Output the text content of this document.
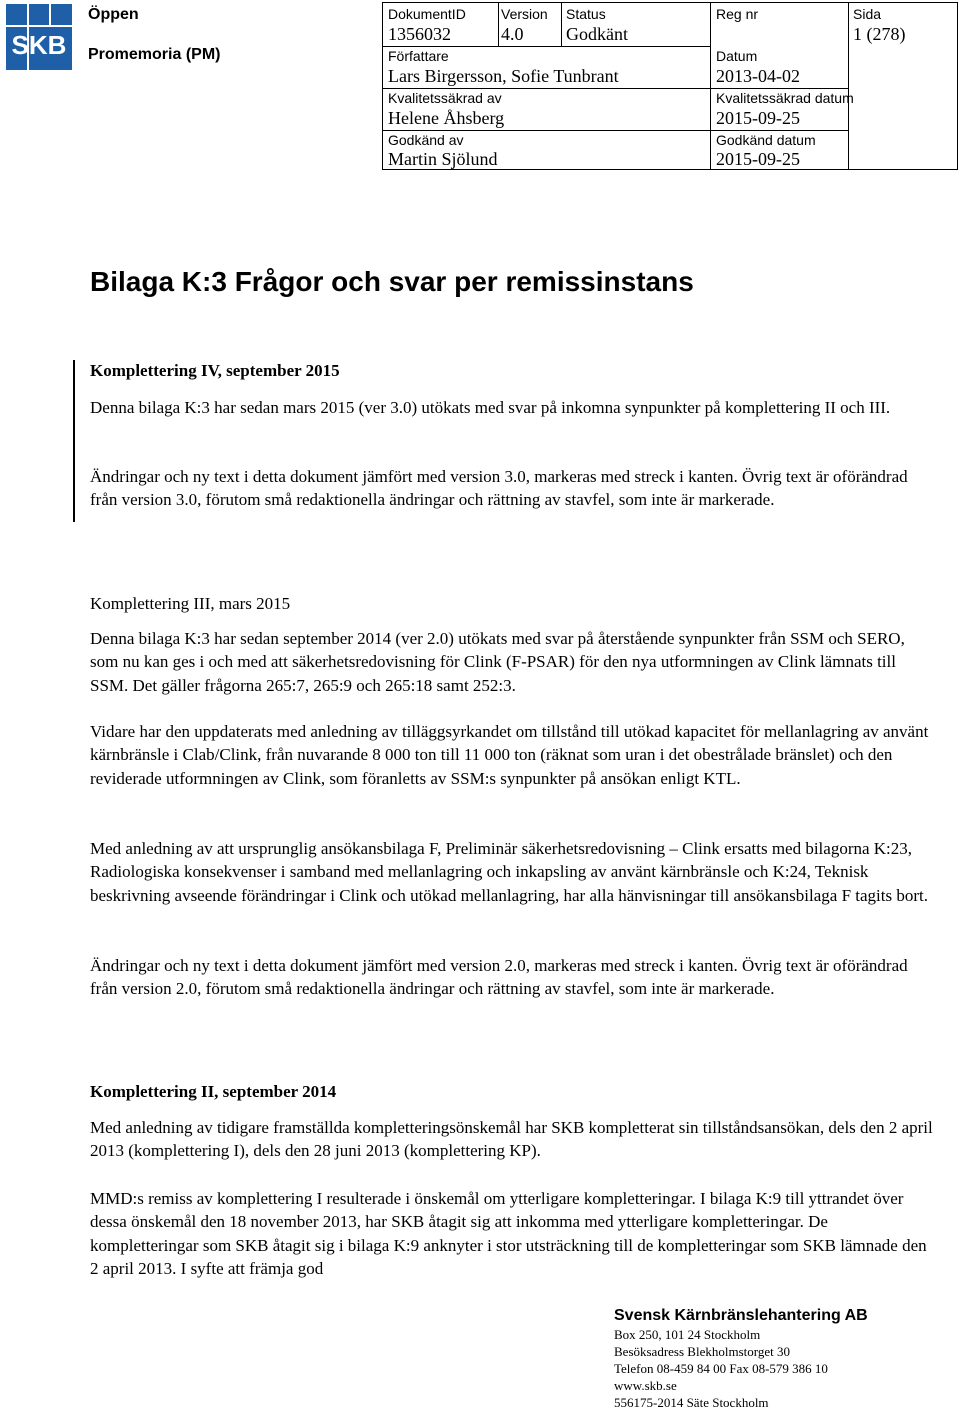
SKB
Öppen
Promemoria (PM)
DokumentID
1356032
Version
4.0
Status
Godkänt
Reg nr	Sida
1 (278)
Författare
Lars Birgersson, Sofie Tunbrant
Datum
2013-04-02
Kvalitetssäkrad av
Helene Åhsberg
Kvalitetssäkrad datum
2015-09-25
Godkänd av
Martin Sjölund
Godkänd datum
2015-09-25
Bilaga K:3 Frågor och svar per remissinstans
Komplettering IV, september 2015
Denna bilaga K:3 har sedan mars 2015 (ver 3.0) utökats med svar på inkomna synpunkter på komplettering II och III.
Ändringar och ny text i detta dokument jämfört med version 3.0, markeras med streck i kanten. Övrig text är oförändrad från version 3.0, förutom små redaktionella ändringar och rättning av stavfel, som inte är markerade.
Komplettering III, mars 2015
Denna bilaga K:3 har sedan september 2014 (ver 2.0) utökats med svar på återstående synpunkter från SSM och SERO, som nu kan ges i och med att säkerhetsredovisning för Clink (F-PSAR) för den nya utformningen av Clink lämnats till SSM. Det gäller frågorna 265:7, 265:9 och 265:18 samt 252:3.
Vidare har den uppdaterats med anledning av tilläggsyrkandet om tillstånd till utökad kapacitet för mellanlagring av använt kärnbränsle i Clab/Clink, från nuvarande 8 000 ton till 11 000 ton (räknat som uran i det obestrålade bränslet) och den reviderade utformningen av Clink, som föranletts av SSM:s synpunkter på ansökan enligt KTL.
Med anledning av att ursprunglig ansökansbilaga F, Preliminär säkerhetsredovisning – Clink ersatts med bilagorna K:23, Radiologiska konsekvenser i samband med mellanlagring och inkapsling av använt kärnbränsle och K:24, Teknisk beskrivning avseende förändringar i Clink och utökad mellanlagring, har alla hänvisningar till ansökansbilaga F tagits bort.
Ändringar och ny text i detta dokument jämfört med version 2.0, markeras med streck i kanten. Övrig text är oförändrad från version 2.0, förutom små redaktionella ändringar och rättning av stavfel, som inte är markerade.
Komplettering II, september 2014
Med anledning av tidigare framställda kompletteringsönskemål har SKB kompletterat sin tillståndsansökan, dels den 2 april 2013 (komplettering I), dels den 28 juni 2013 (komplettering KP).
MMD:s remiss av komplettering I resulterade i önskemål om ytterligare kompletteringar. I bilaga K:9 till yttrandet över dessa önskemål den 18 november 2013, har SKB åtagit sig att inkomma med ytterligare kompletteringar. De kompletteringar som SKB åtagit sig i bilaga K:9 anknyter i stor utsträckning till de kompletteringar som SKB lämnade den 2 april 2013. I syfte att främja god
Svensk Kärnbränslehantering AB
Box 250, 101 24 Stockholm
Besöksadress Blekholmstorget 30
Telefon 08-459 84 00 Fax 08-579 386 10
www.skb.se
556175-2014 Säte Stockholm
